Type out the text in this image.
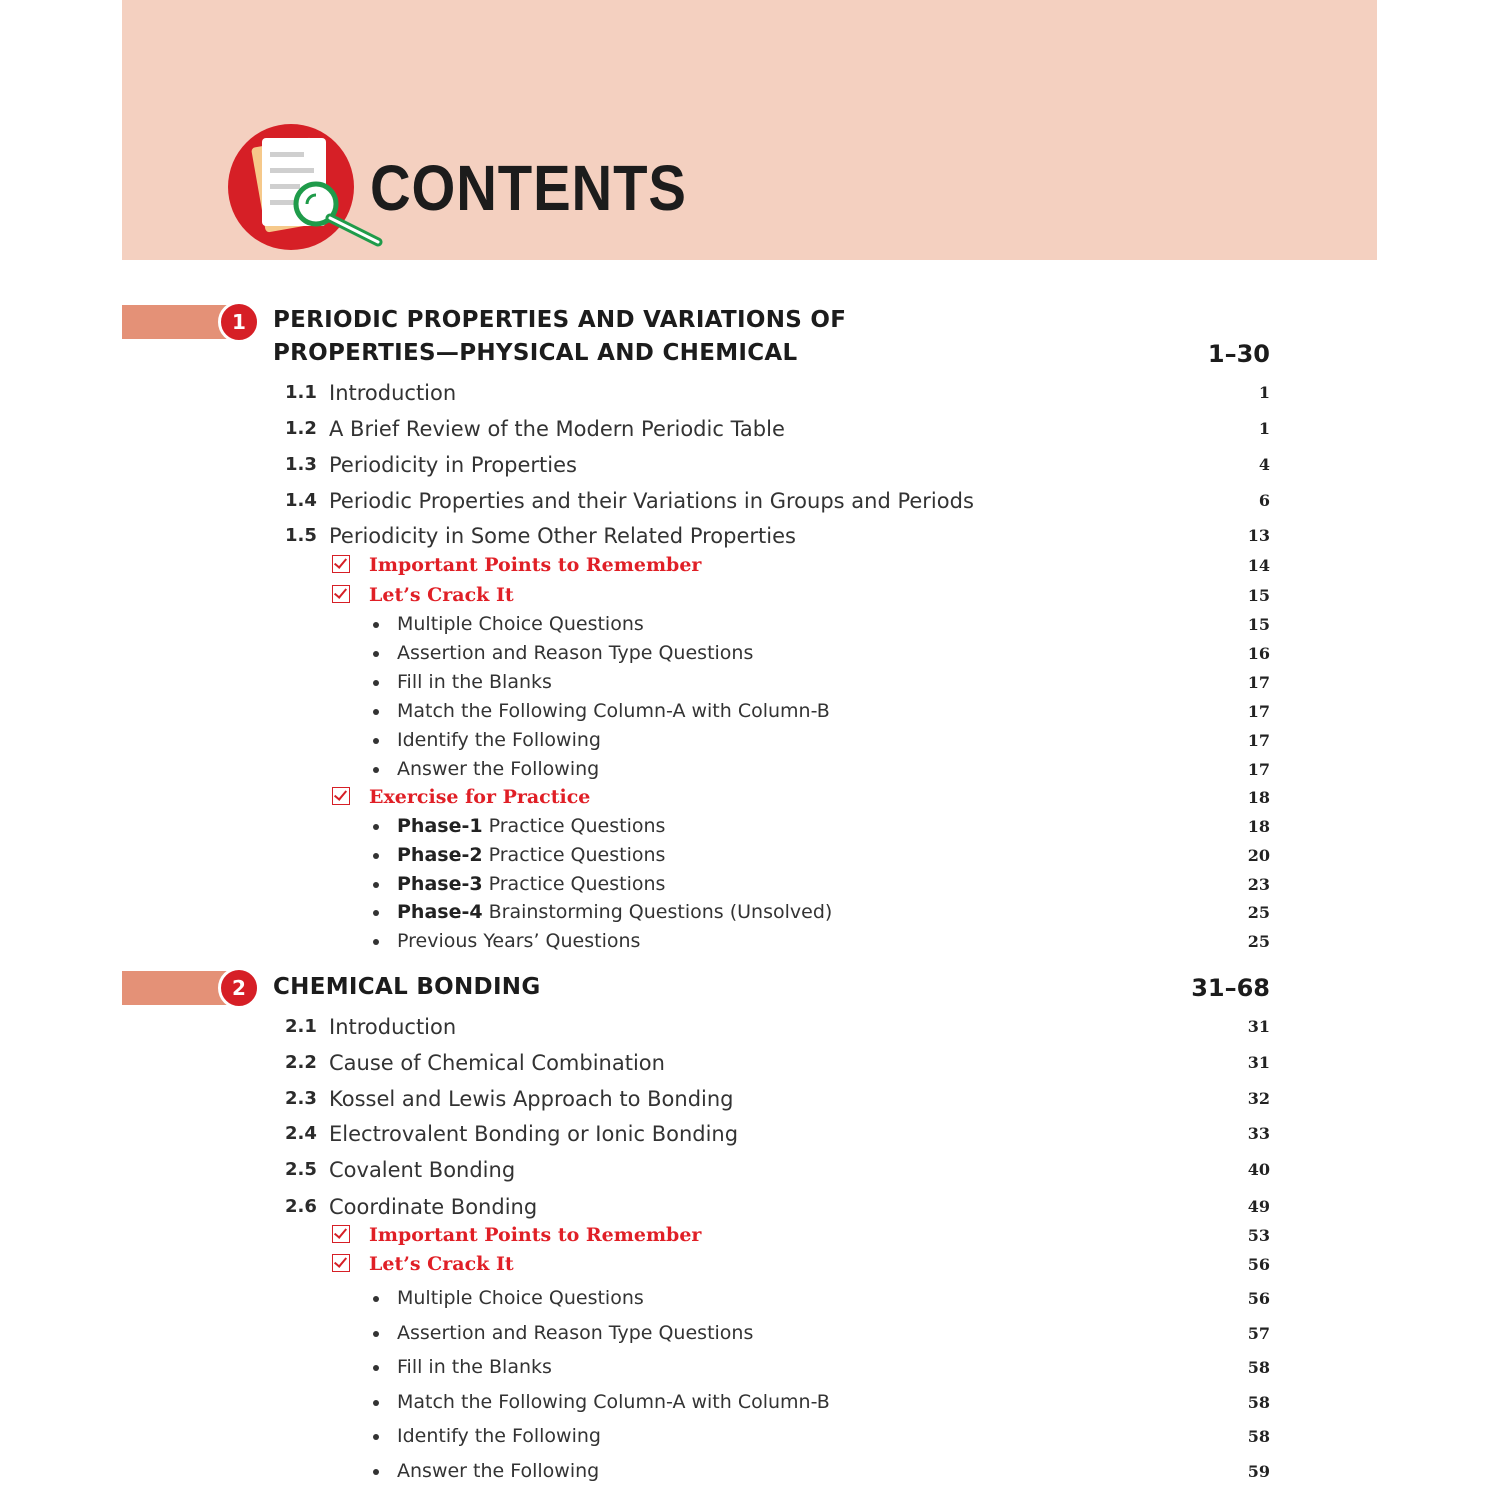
CONTENTS
1	PERIODIC PROPERTIES AND VARIATIONS OF
PROPERTIES—PHYSICAL AND CHEMICAL	1–30
1.1 Introduction	1
1.2 A Brief Review of the Modern Periodic Table	1
1.3 Periodicity in Properties	4
1.4 Periodic Properties and their Variations in Groups and Periods	6
1.5 Periodicity in Some Other Related Properties	13
Important Points to Remember	14
Let’s Crack It	15
Multiple Choice Questions	15
Assertion and Reason Type Questions	16
Fill in the Blanks	17
Match the Following Column-A with Column-B	17
Identify the Following	17
Answer the Following	17
Exercise for Practice	18
Phase-1 Practice Questions	18
Phase-2 Practice Questions	20
Phase-3 Practice Questions	23
Phase-4 Brainstorming Questions (Unsolved)	25
Previous Years’ Questions	25
2	CHEMICAL BONDING	31–68
2.1 Introduction	31
2.2 Cause of Chemical Combination	31
2.3 Kossel and Lewis Approach to Bonding	32
2.4 Electrovalent Bonding or Ionic Bonding	33
2.5 Covalent Bonding	40
2.6 Coordinate Bonding	49
Important Points to Remember	53
Let’s Crack It	56
Multiple Choice Questions	56
Assertion and Reason Type Questions	57
Fill in the Blanks	58
Match the Following Column-A with Column-B	58
Identify the Following	58
Answer the Following	59
